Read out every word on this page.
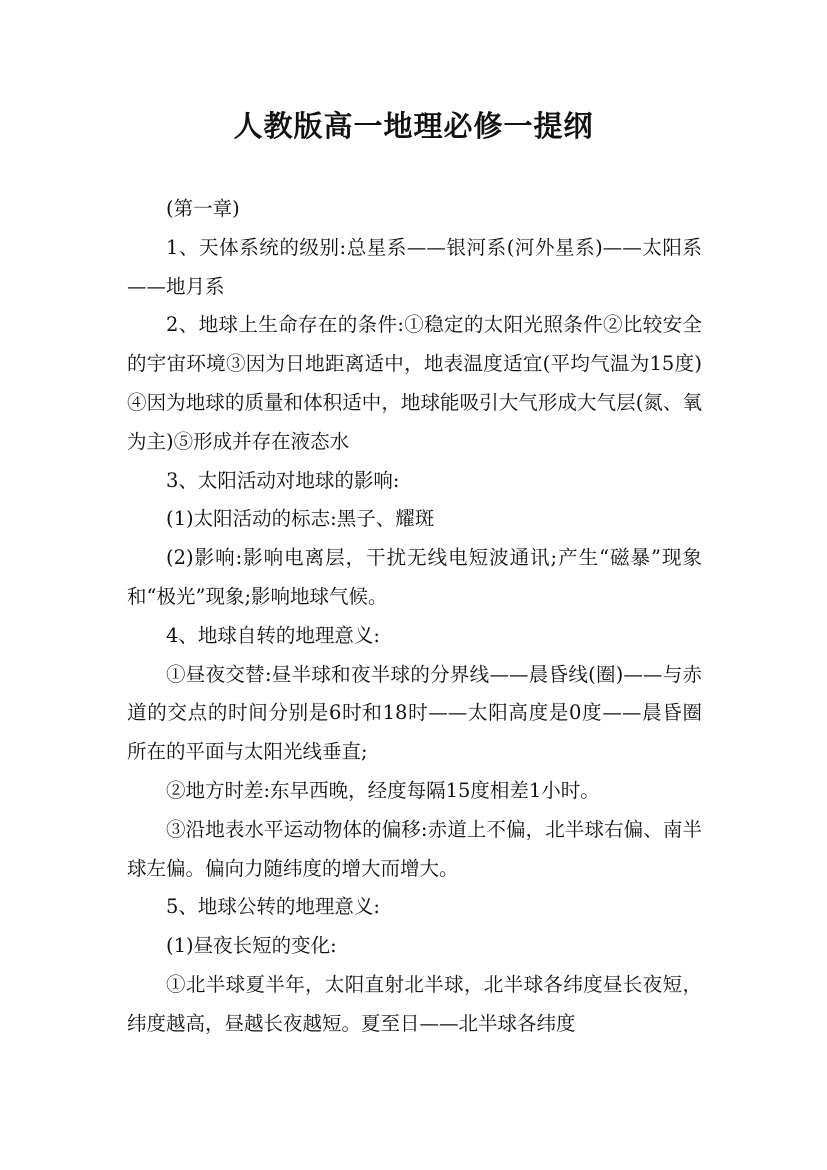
人教版高一地理必修一提纲

(第一章)

1、天体系统的级别:总星系——银河系(河外星系)——太阳系——地月系

2、地球上生命存在的条件:①稳定的太阳光照条件②比较安全的宇宙环境③因为日地距离适中，地表温度适宜(平均气温为15度)④因为地球的质量和体积适中，地球能吸引大气形成大气层(氮、氧为主)⑤形成并存在液态水

3、太阳活动对地球的影响:

(1)太阳活动的标志:黑子、耀斑

(2)影响:影响电离层，干扰无线电短波通讯;产生“磁暴”现象和“极光”现象;影响地球气候。

4、地球自转的地理意义:

①昼夜交替:昼半球和夜半球的分界线——晨昏线(圈)——与赤道的交点的时间分别是6时和18时——太阳高度是0度——晨昏圈所在的平面与太阳光线垂直;

②地方时差:东早西晚，经度每隔15度相差1小时。

③沿地表水平运动物体的偏移:赤道上不偏，北半球右偏、南半球左偏。偏向力随纬度的增大而增大。

5、地球公转的地理意义:

(1)昼夜长短的变化:

①北半球夏半年，太阳直射北半球，北半球各纬度昼长夜短，纬度越高，昼越长夜越短。夏至日——北半球各纬度
